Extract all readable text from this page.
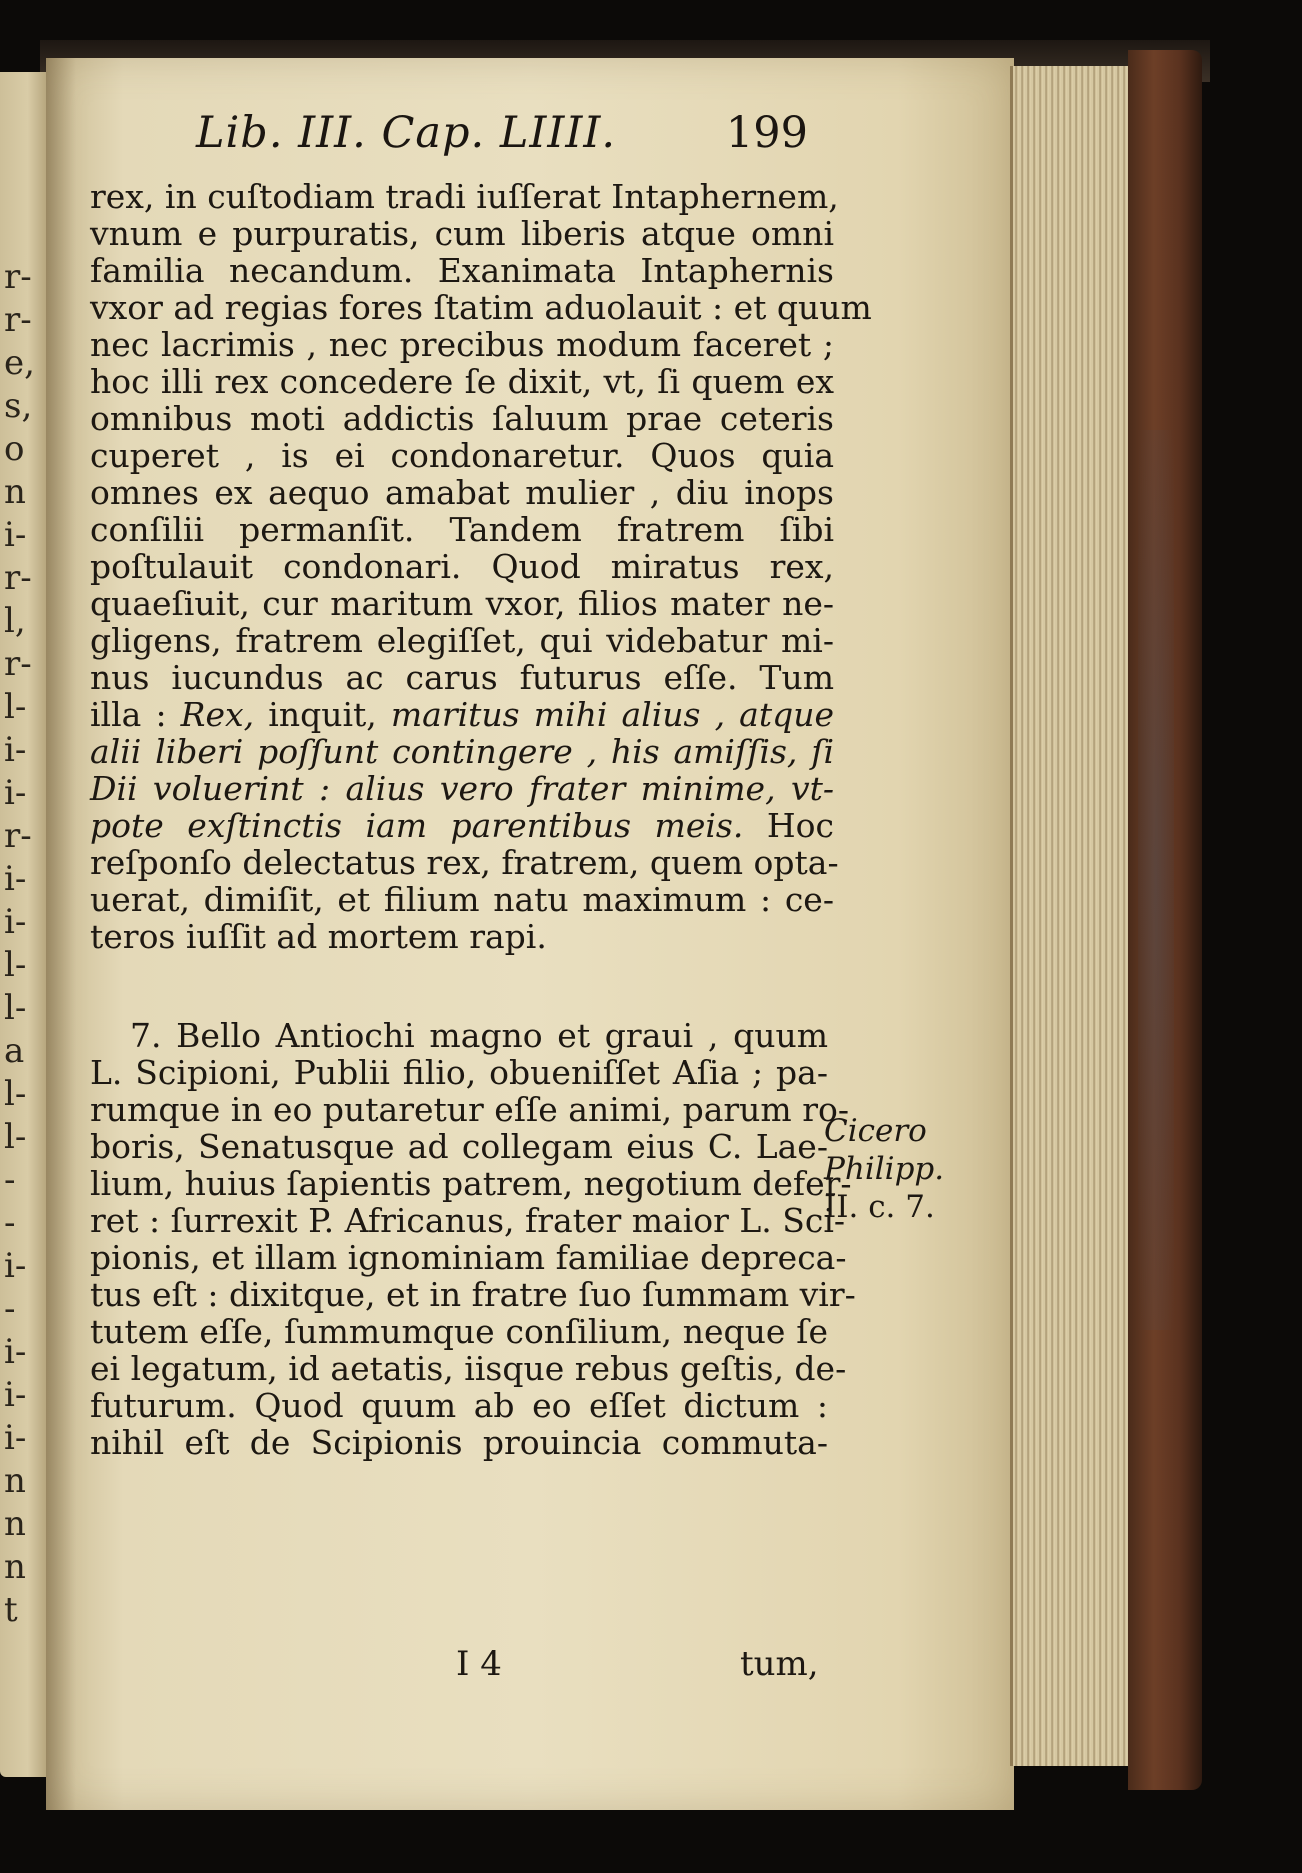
r-
r-
e,
s,
o
n
i-
r-
l,
r-
l-
i-
i-
r-
i-
i-
l-
l-
a
l-
l-
-
-
i-
-
i-
i-
i-
n
n
n
t
Lib. III. Cap. LIIII.	199
rex, in cuſtodiam tradi iuſſerat Intaphernem,
vnum e purpuratis, cum liberis atque omni
familia necandum. Exanimata Intaphernis
vxor ad regias fores ſtatim aduolauit : et quum
nec lacrimis , nec precibus modum faceret ;
hoc illi rex concedere ſe dixit, vt, ſi quem ex
omnibus moti addictis ſaluum prae ceteris
cuperet , is ei condonaretur. Quos quia
omnes ex aequo amabat mulier , diu inops
conſilii permanſit. Tandem fratrem ſibi
poſtulauit condonari. Quod miratus rex,
quaeſiuit, cur maritum vxor, filios mater ne-
gligens, fratrem elegiſſet, qui videbatur mi-
nus iucundus ac carus futurus eſſe. Tum
illa : Rex, inquit, maritus mihi alius , atque
alii liberi poſſunt contingere , his amiſſis, ſi
Dii voluerint : alius vero frater minime, vt-
pote exſtinctis iam parentibus meis. Hoc
reſponſo delectatus rex, fratrem, quem opta-
uerat, dimiſit, et filium natu maximum : ce-
teros iuſſit ad mortem rapi.
7. Bello Antiochi magno et graui , quum
L. Scipioni, Publii filio, obueniſſet Aſia ; pa-
rumque in eo putaretur eſſe animi, parum ro-
boris, Senatusque ad collegam eius C. Lae-
lium, huius ſapientis patrem, negotium defer-
ret : ſurrexit P. Africanus, frater maior L. Sci-
pionis, et illam ignominiam familiae depreca-
tus eſt : dixitque, et in fratre ſuo ſummam vir-
tutem eſſe, ſummumque conſilium, neque ſe
ei legatum, id aetatis, iisque rebus geſtis, de-
futurum. Quod quum ab eo eſſet dictum :
nihil eſt de Scipionis prouincia commuta-
Cicero
Philipp.
II. c. 7.
I 4	tum,
